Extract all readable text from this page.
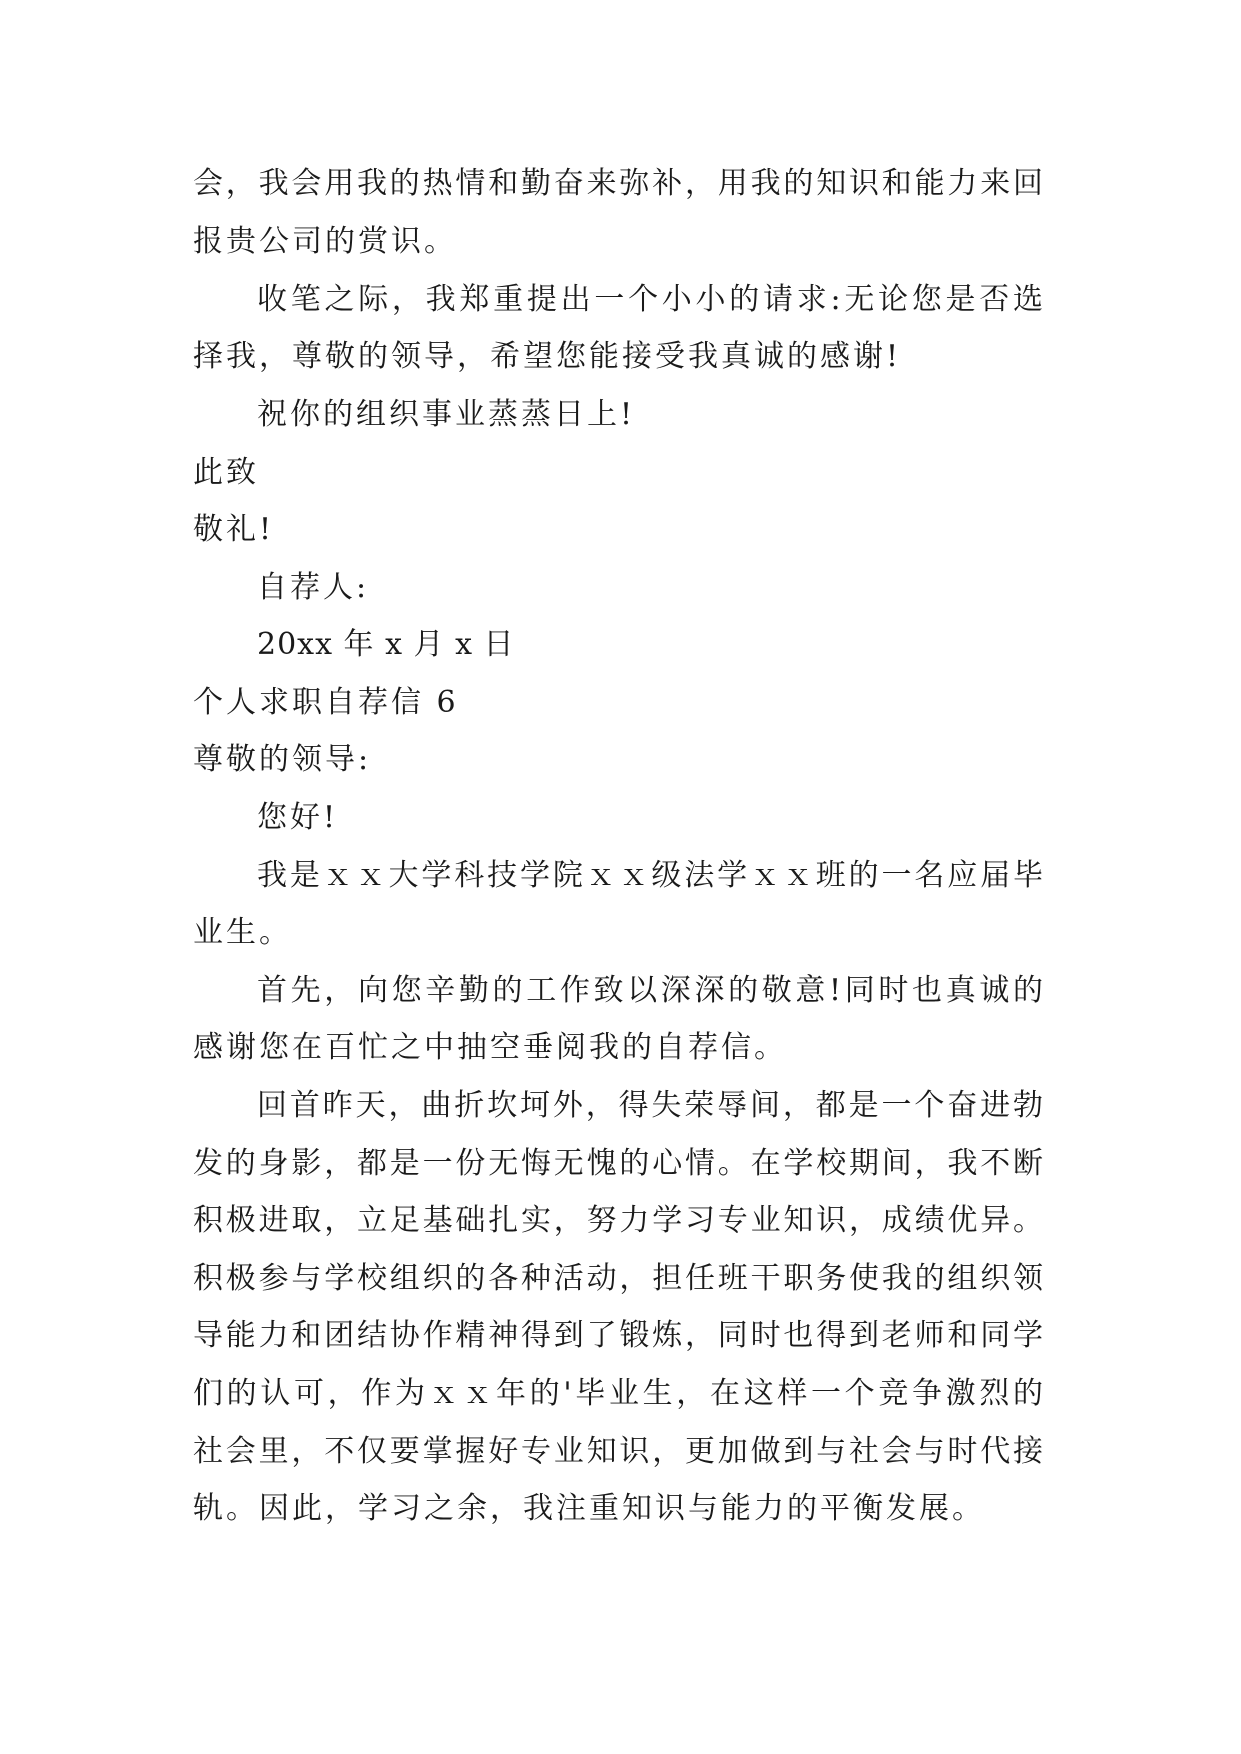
会，我会用我的热情和勤奋来弥补，用我的知识和能力来回
报贵公司的赏识。
收笔之际，我郑重提出一个小小的请求:无论您是否选
择我，尊敬的领导，希望您能接受我真诚的感谢!
祝你的组织事业蒸蒸日上!
此致
敬礼!
自荐人:
20xx 年 x 月 x 日
个人求职自荐信 6
尊敬的领导:
您好!
我是ｘｘ大学科技学院ｘｘ级法学ｘｘ班的一名应届毕
业生。
首先，向您辛勤的工作致以深深的敬意!同时也真诚的
感谢您在百忙之中抽空垂阅我的自荐信。
回首昨天，曲折坎坷外，得失荣辱间，都是一个奋进勃
发的身影，都是一份无悔无愧的心情。在学校期间，我不断
积极进取，立足基础扎实，努力学习专业知识，成绩优异。
积极参与学校组织的各种活动，担任班干职务使我的组织领
导能力和团结协作精神得到了锻炼，同时也得到老师和同学
们的认可，作为ｘｘ年的'毕业生，在这样一个竞争激烈的
社会里，不仅要掌握好专业知识，更加做到与社会与时代接
轨。因此，学习之余，我注重知识与能力的平衡发展。
